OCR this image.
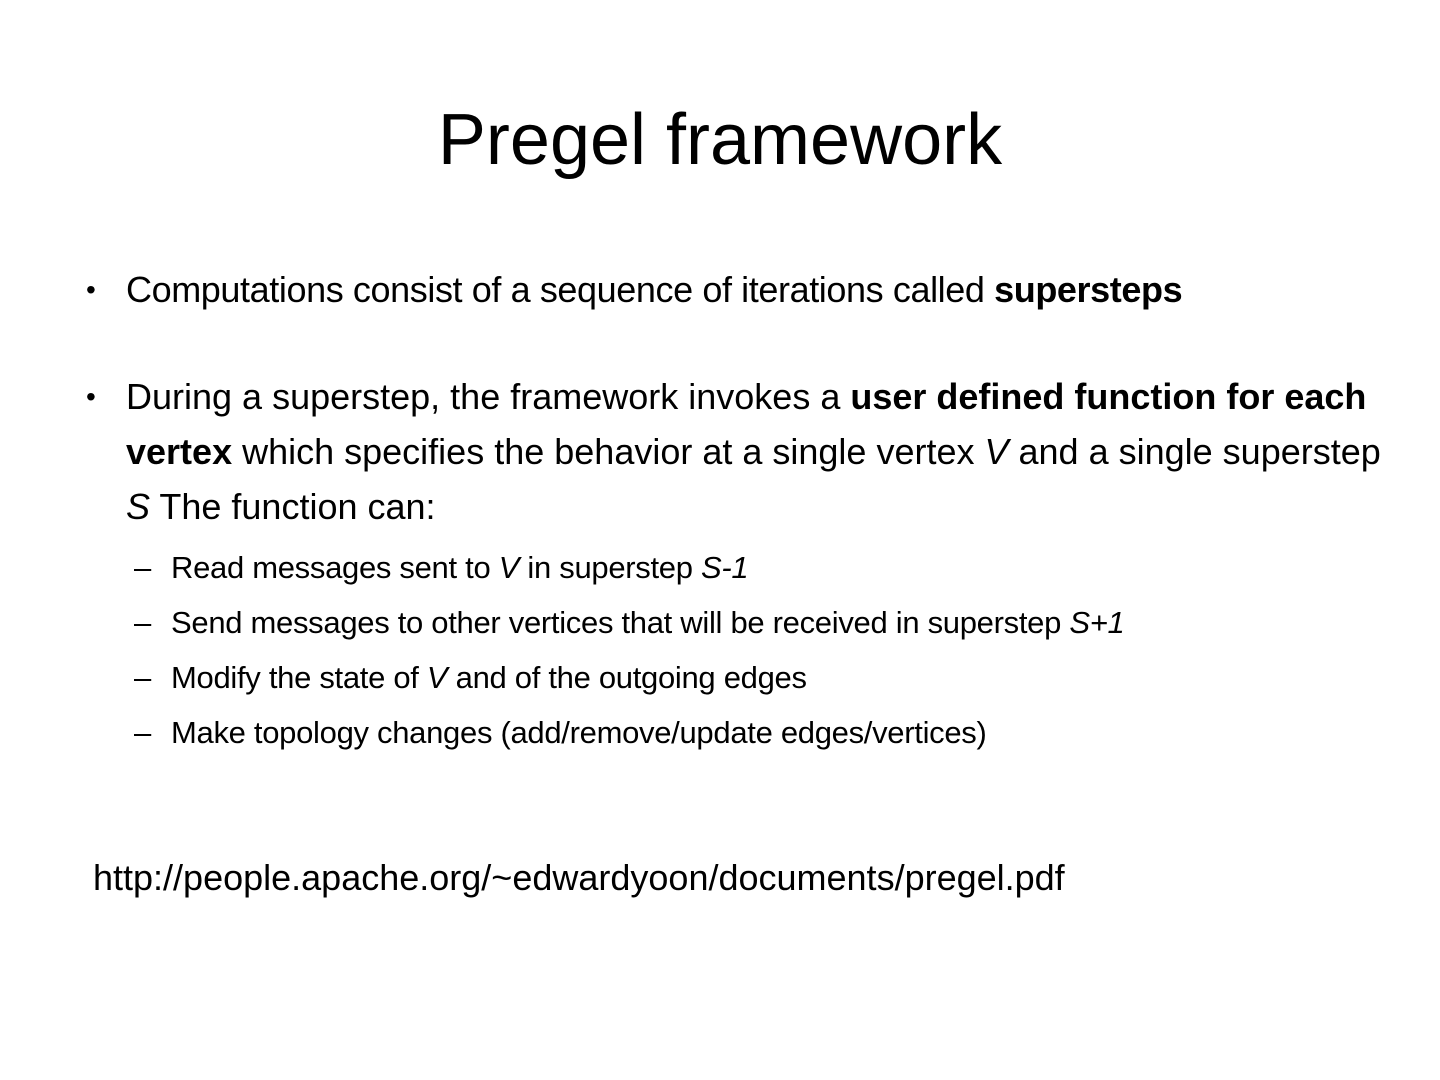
Pregel framework
• Computations consist of a sequence of iterations called supersteps
• During a superstep, the framework invokes a user defined function for each vertex which specifies the behavior at a single vertex V and a single superstep S The function can:
– Read messages sent to V in superstep S-1
– Send messages to other vertices that will be received in superstep S+1
– Modify the state of V and of the outgoing edges
– Make topology changes (add/remove/update edges/vertices)
http://people.apache.org/~edwardyoon/documents/pregel.pdf
